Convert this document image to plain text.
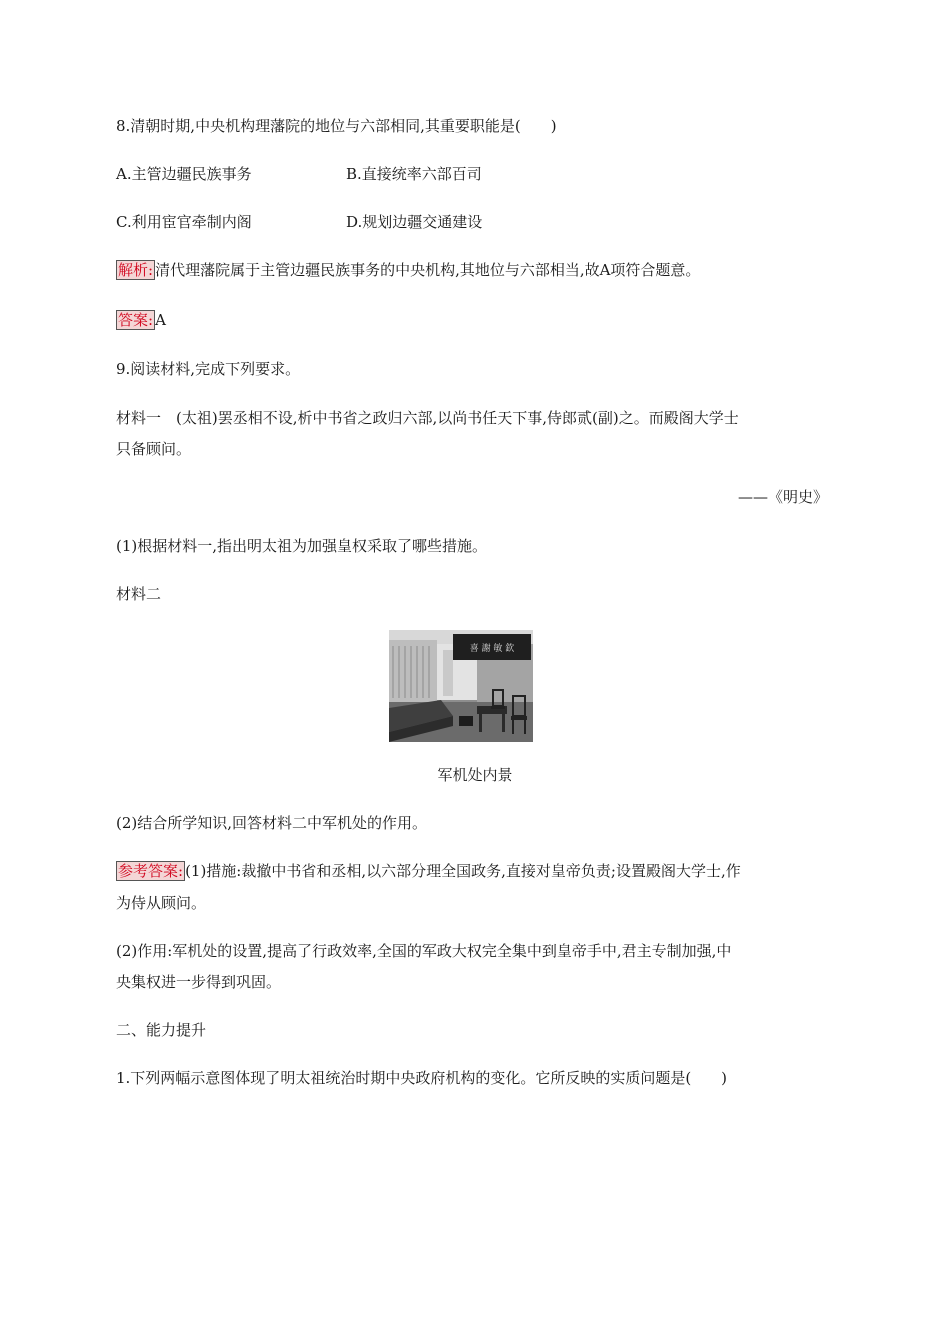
8.清朝时期,中央机构理藩院的地位与六部相同,其重要职能是(　　)
A.主管边疆民族事务	B.直接统率六部百司
C.利用宦官牵制内阁	D.规划边疆交通建设
解析: 清代理藩院属于主管边疆民族事务的中央机构,其地位与六部相当,故A项符合题意。
答案: A
9.阅读材料,完成下列要求。
材料一　(太祖)罢丞相不设,析中书省之政归六部,以尚书任天下事,侍郎贰(副)之。而殿阁大学士
只备顾问。
——《明史》
(1)根据材料一,指出明太祖为加强皇权采取了哪些措施。
材料二
喜 謝 敏 欽
军机处内景
(2)结合所学知识,回答材料二中军机处的作用。
参考答案: (1)措施:裁撤中书省和丞相,以六部分理全国政务,直接对皇帝负责;设置殿阁大学士,作
为侍从顾问。
(2)作用:军机处的设置,提高了行政效率,全国的军政大权完全集中到皇帝手中,君主专制加强,中
央集权进一步得到巩固。
二、能力提升
1.下列两幅示意图体现了明太祖统治时期中央政府机构的变化。它所反映的实质问题是(　　)
